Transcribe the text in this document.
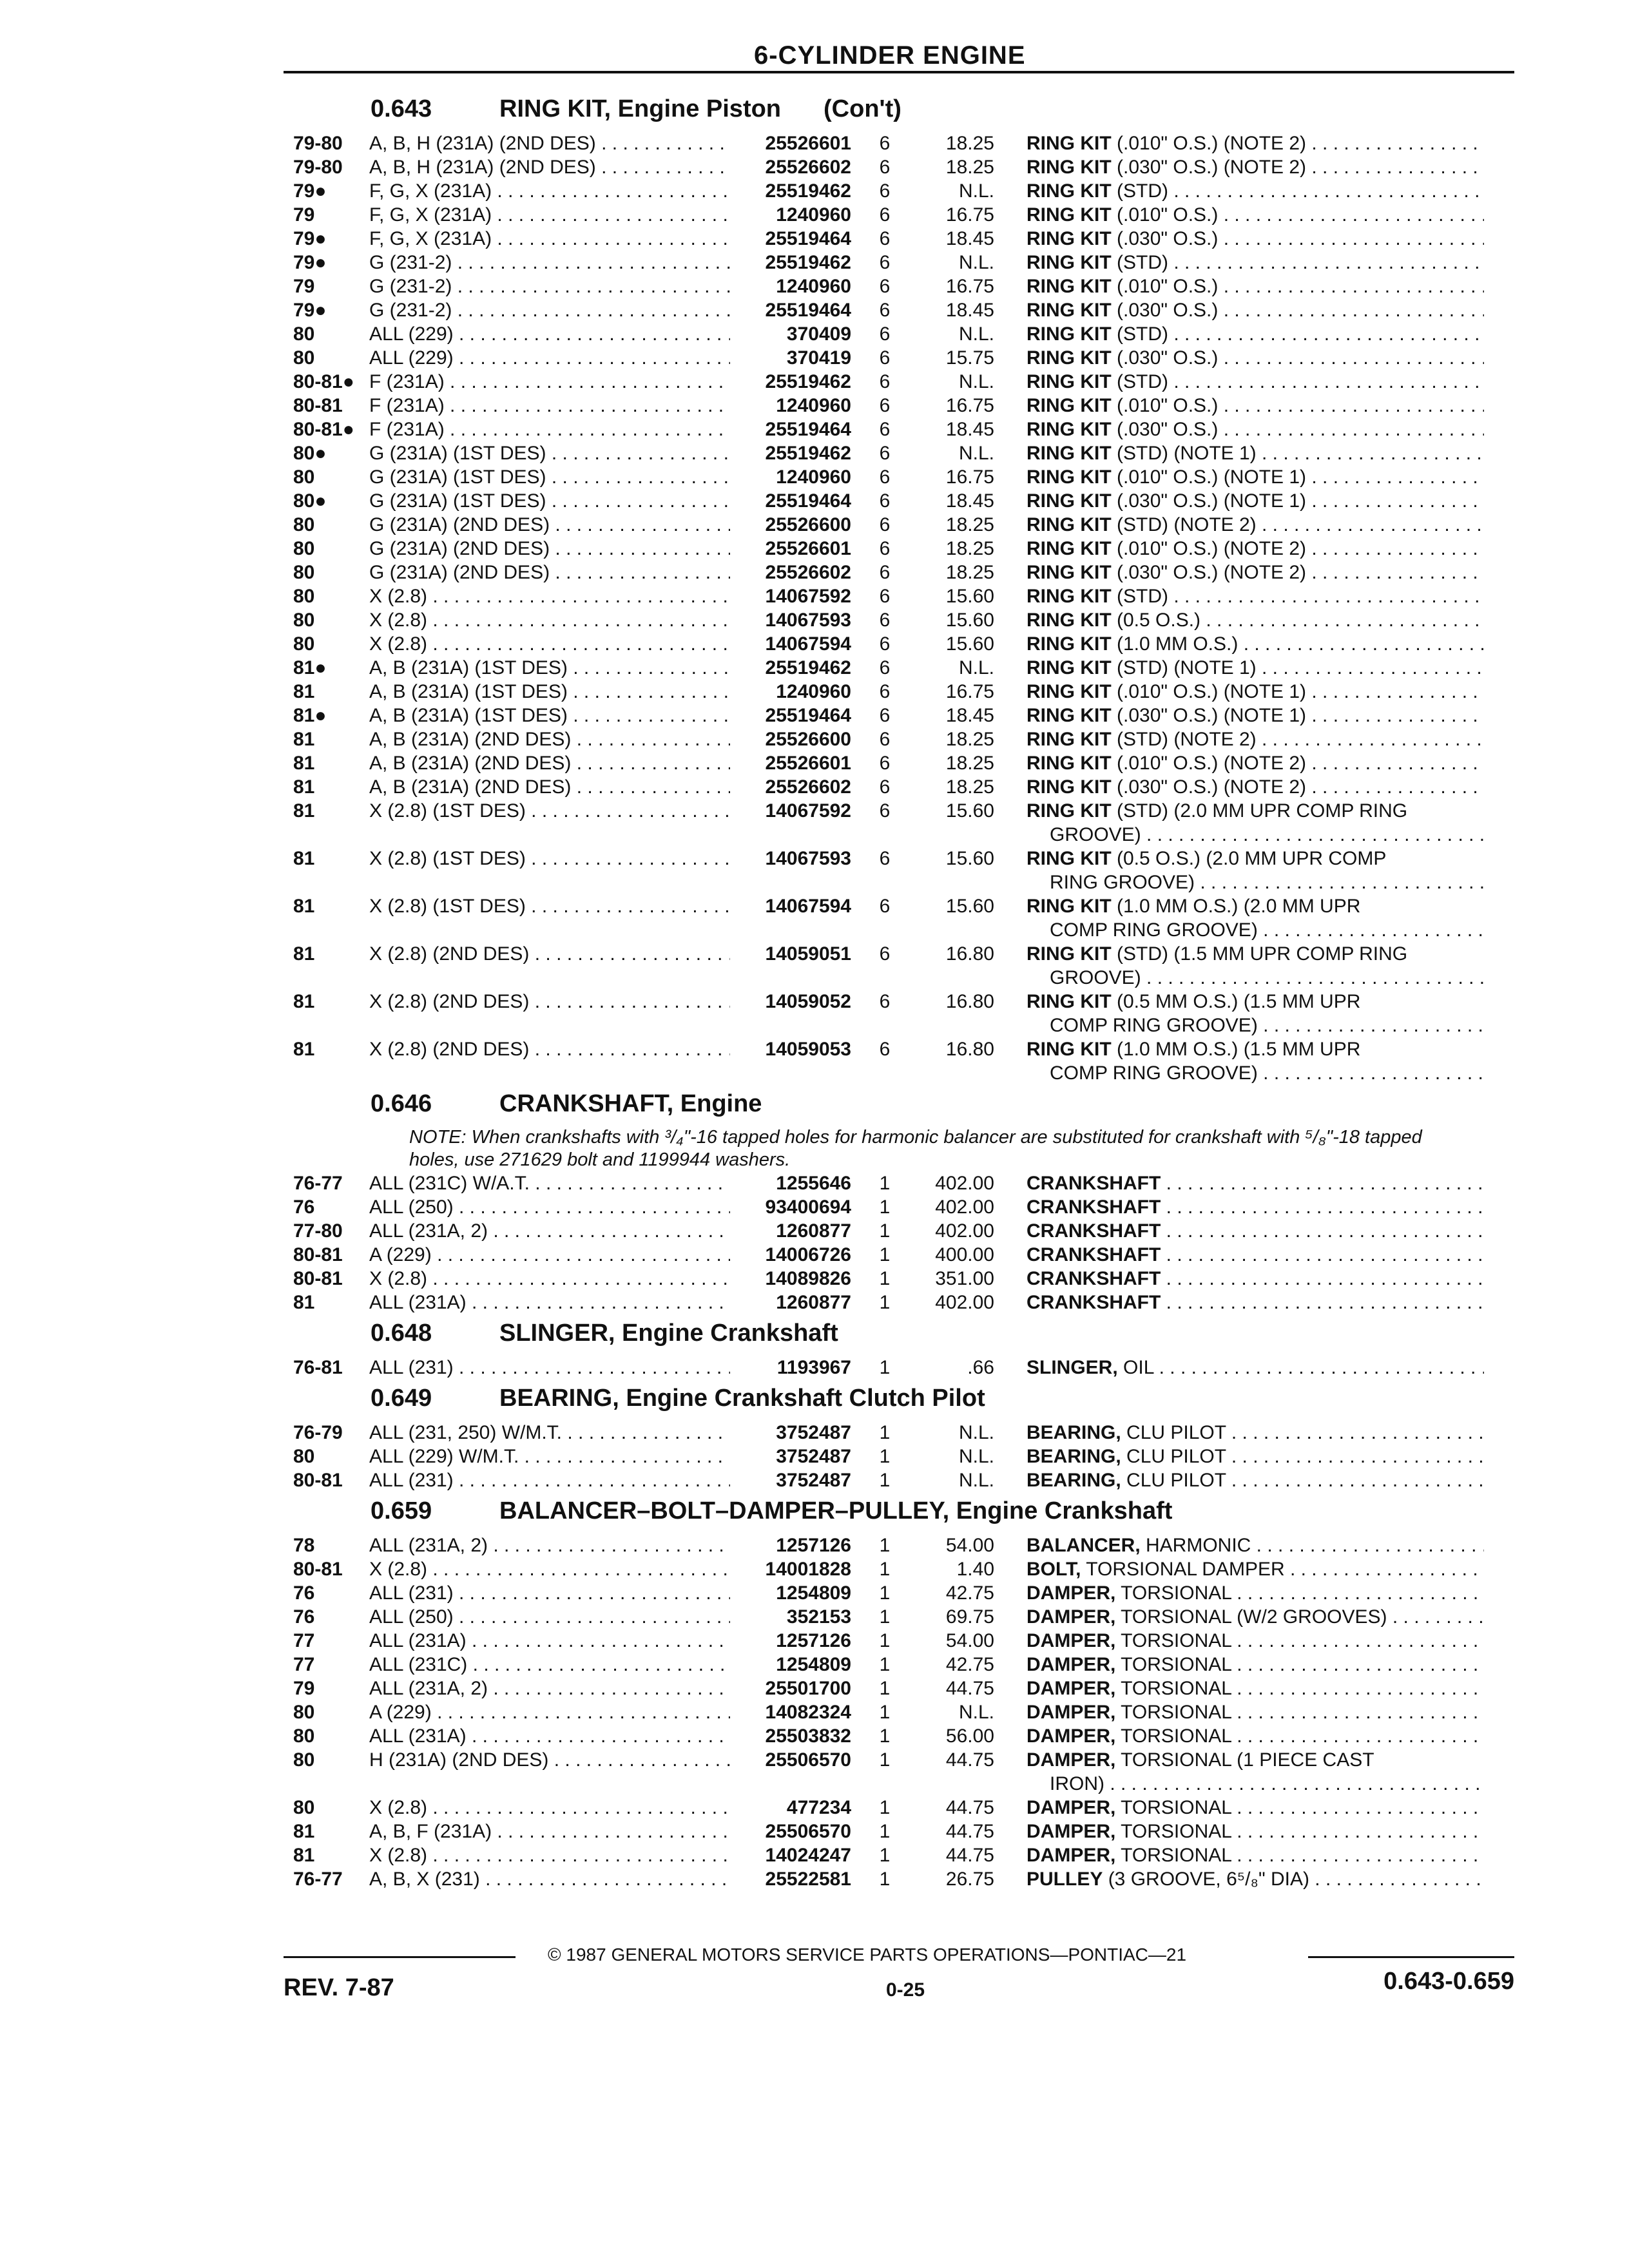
6-CYLINDER ENGINE
0.643	RING KIT, Engine Piston (Con't)
79-80	A, B, H (231A) (2ND DES) . . .	25526601	6	18.25	RING KIT (.010" O.S.) (NOTE 2) . . .
79-80	A, B, H (231A) (2ND DES) . . .	25526602	6	18.25	RING KIT (.030" O.S.) (NOTE 2) . . .
79●	F, G, X (231A) . . .	25519462	6	N.L.	RING KIT (STD) . . .
79	F, G, X (231A) . . .	1240960	6	16.75	RING KIT (.010" O.S.) . . .
79●	F, G, X (231A) . . .	25519464	6	18.45	RING KIT (.030" O.S.) . . .
79●	G (231-2) . . .	25519462	6	N.L.	RING KIT (STD) . . .
79	G (231-2) . . .	1240960	6	16.75	RING KIT (.010" O.S.) . . .
79●	G (231-2) . . .	25519464	6	18.45	RING KIT (.030" O.S.) . . .
80	ALL (229) . . .	370409	6	N.L.	RING KIT (STD) . . .
80	ALL (229) . . .	370419	6	15.75	RING KIT (.030" O.S.) . . .
80-81● F (231A) . . .	25519462	6	N.L.	RING KIT (STD) . . .
80-81	F (231A) . . .	1240960	6	16.75	RING KIT (.010" O.S.) . . .
80-81● F (231A) . . .	25519464	6	18.45	RING KIT (.030" O.S.) . . .
80●	G (231A) (1ST DES) . . .	25519462	6	N.L.	RING KIT (STD) (NOTE 1) . . .
80	G (231A) (1ST DES) . . .	1240960	6	16.75	RING KIT (.010" O.S.) (NOTE 1) . . .
80●	G (231A) (1ST DES) . . .	25519464	6	18.45	RING KIT (.030" O.S.) (NOTE 1) . . .
80	G (231A) (2ND DES) . . .	25526600	6	18.25	RING KIT (STD) (NOTE 2) . . .
80	G (231A) (2ND DES) . . .	25526601	6	18.25	RING KIT (.010" O.S.) (NOTE 2) . . .
80	G (231A) (2ND DES) . . .	25526602	6	18.25	RING KIT (.030" O.S.) (NOTE 2) . . .
80	X (2.8) . . .	14067592	6	15.60	RING KIT (STD) . . .
80	X (2.8) . . .	14067593	6	15.60	RING KIT (0.5 O.S.) . . .
80	X (2.8) . . .	14067594	6	15.60	RING KIT (1.0 MM O.S.) . . .
81●	A, B (231A) (1ST DES) . . .	25519462	6	N.L.	RING KIT (STD) (NOTE 1) . . .
81	A, B (231A) (1ST DES) . . .	1240960	6	16.75	RING KIT (.010" O.S.) (NOTE 1) . . .
81●	A, B (231A) (1ST DES) . . .	25519464	6	18.45	RING KIT (.030" O.S.) (NOTE 1) . . .
81	A, B (231A) (2ND DES) . . .	25526600	6	18.25	RING KIT (STD) (NOTE 2) . . .
81	A, B (231A) (2ND DES) . . .	25526601	6	18.25	RING KIT (.010" O.S.) (NOTE 2) . . .
81	A, B (231A) (2ND DES) . . .	25526602	6	18.25	RING KIT (.030" O.S.) (NOTE 2) . . .
81	X (2.8) (1ST DES) . . .	14067592	6	15.60	RING KIT (STD) (2.0 MM UPR COMP RING
GROOVE) . . .
81	X (2.8) (1ST DES) . . .	14067593	6	15.60	RING KIT (0.5 O.S.) (2.0 MM UPR COMP
RING GROOVE) . . .
81	X (2.8) (1ST DES) . . .	14067594	6	15.60	RING KIT (1.0 MM O.S.) (2.0 MM UPR
COMP RING GROOVE) . . .
81	X (2.8) (2ND DES) . . .	14059051	6	16.80	RING KIT (STD) (1.5 MM UPR COMP RING
GROOVE) . . .
81	X (2.8) (2ND DES) . . .	14059052	6	16.80	RING KIT (0.5 MM O.S.) (1.5 MM UPR
COMP RING GROOVE) . . .
81	X (2.8) (2ND DES) . . .	14059053	6	16.80	RING KIT (1.0 MM O.S.) (1.5 MM UPR
COMP RING GROOVE) . . .
0.646	CRANKSHAFT, Engine
NOTE: When crankshafts with ³/₄"-16 tapped holes for harmonic balancer are substituted for crankshaft with ⁵/₈"-18 tapped holes, use 271629 bolt and 1199944 washers.
76-77	ALL (231C) W/A.T. . . .	1255646	1	402.00	CRANKSHAFT . . .
76	ALL (250) . . .	93400694	1	402.00	CRANKSHAFT . . .
77-80	ALL (231A, 2) . . .	1260877	1	402.00	CRANKSHAFT . . .
80-81	A (229) . . .	14006726	1	400.00	CRANKSHAFT . . .
80-81	X (2.8) . . .	14089826	1	351.00	CRANKSHAFT . . .
81	ALL (231A) . . .	1260877	1	402.00	CRANKSHAFT . . .
0.648	SLINGER, Engine Crankshaft
76-81	ALL (231) . . .	1193967	1	.66	SLINGER, OIL . . .
0.649	BEARING, Engine Crankshaft Clutch Pilot
76-79	ALL (231, 250) W/M.T. . . .	3752487	1	N.L.	BEARING, CLU PILOT . . .
80	ALL (229) W/M.T. . . .	3752487	1	N.L.	BEARING, CLU PILOT . . .
80-81	ALL (231) . . .	3752487	1	N.L.	BEARING, CLU PILOT . . .
0.659	BALANCER–BOLT–DAMPER–PULLEY, Engine Crankshaft
78	ALL (231A, 2) . . .	1257126	1	54.00	BALANCER, HARMONIC . . .
80-81	X (2.8) . . .	14001828	1	1.40	BOLT, TORSIONAL DAMPER . . .
76	ALL (231) . . .	1254809	1	42.75	DAMPER, TORSIONAL . . .
76	ALL (250) . . .	352153	1	69.75	DAMPER, TORSIONAL (W/2 GROOVES) . . .
77	ALL (231A) . . .	1257126	1	54.00	DAMPER, TORSIONAL . . .
77	ALL (231C) . . .	1254809	1	42.75	DAMPER, TORSIONAL . . .
79	ALL (231A, 2) . . .	25501700	1	44.75	DAMPER, TORSIONAL . . .
80	A (229) . . .	14082324	1	N.L.	DAMPER, TORSIONAL . . .
80	ALL (231A) . . .	25503832	1	56.00	DAMPER, TORSIONAL . . .
80	H (231A) (2ND DES) . . .	25506570	1	44.75	DAMPER, TORSIONAL (1 PIECE CAST
IRON) . . .
80	X (2.8) . . .	477234	1	44.75	DAMPER, TORSIONAL . . .
81	A, B, F (231A) . . .	25506570	1	44.75	DAMPER, TORSIONAL . . .
81	X (2.8) . . .	14024247	1	44.75	DAMPER, TORSIONAL . . .
76-77	A, B, X (231) . . .	25522581	1	26.75	PULLEY (3 GROOVE, 6⁵/₈" DIA) . . .
© 1987 GENERAL MOTORS SERVICE PARTS OPERATIONS—PONTIAC—21
REV. 7-87	0-25	0.643-0.659
